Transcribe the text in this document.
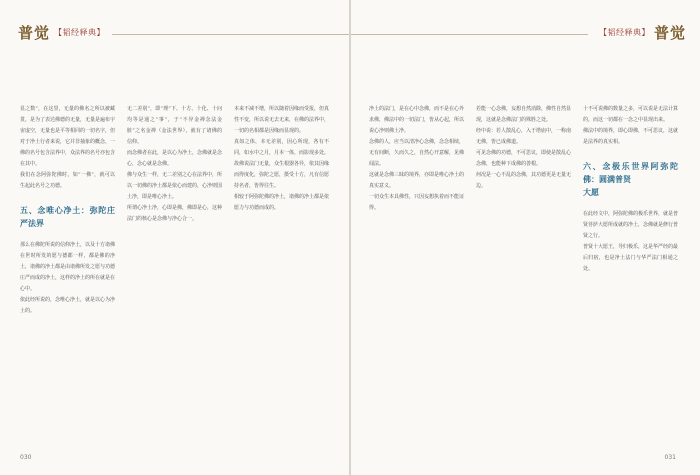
普觉 【韬经释典】

显之数”，在这里，无量的佛名之所以被藏贯，是为了表达佛德的无量，无量是遍布宇宙虚空，无量也是平等相同的一切名字，但对于净土行者来说，它并非抽象的概念，一佛的名号包含法界中，众法界的名号亦包含在其中。

我们在念阿弥陀佛时，如“一佛”，就可以生起此名号之功德。

五、念唯心净土：弥陀庄严法界

那么在佛陀所说的信仰净土，以及十方诸佛在世时所发的愿与德都一样，都是佛的净土，诸佛的净土都是由诸佛所发之愿与功德庄严而成的净土，这样的净土的所在就是在心中。

依此经所说的，念唯心净土，就是以心为净土的。

无二差别”，即“理”下、十方、十化、十问均等是通之“事”，于“不异金禅念法金脏”之名金禅（金法世界），就有了诸佛的信仰。

而念佛者在此，是以心为净土，念佛就是念心，念心就是念佛。

佛与众生一样，无二差别之心在法界中，所以一切佛的净土都是依心而建的，心净则国土净，即是唯心净土。

所谓心净土净，心即是佛，佛即是心，这种法门的核心是念佛与净心合一。

本来不减不增，所以随着因缘而受报，但真性不变，所以说无去无来，在佛的法界中，一切的名相都是因缘而显现的。

真如之体，本无差别，因心所现，各有不同，如水中之月，月本一体，而影现多处。

故佛说法门无量，众生根器各异，依其因缘而得度化，弥陀之愿，摄受十方，凡有信愿持名者，皆得往生。

相较于阿弥陀佛的净土，诸佛的净土都是依愿力与功德而成的。

030
【韬经释典】 普觉

净土的法门，是在心中念佛，而不是在心外求佛，佛法中的一切法门，皆从心起，所以说心净则佛土净。

念佛的人，应当以清净心念佛，念念相续，无有间断，久而久之，自然心开意解，见佛闻法。

这就是念佛三昧的境界，亦即是唯心净土的真实意义。

一切众生本具佛性，只因妄想执着而不能证得。

若能一心念佛，妄想自然消除，佛性自然显现，这就是念佛法门的殊胜之处。

经中说：若人散乱心，入于塔庙中，一称南无佛，皆已成佛道。

可见念佛的功德，不可思议，即使是散乱心念佛，也能种下成佛的善根。

何况是一心不乱的念佛，其功德更是无量无边。

十不可说佛的数量之多，可以说是无法计算的，而这一切都在一念之中显现出来。

佛法中的境界，即心即佛，不可思议，这就是法界的真实相。

六、念极乐世界阿弥陀佛：圆满普贤
大愿

在此经文中，阿弥陀佛的极乐世界，就是普贤菩萨大愿所成就的净土，念佛就是修行普贤之行。

普贤十大愿王，导归极乐，这是华严经的最后归宿，也是净土法门与华严法门相通之处。

031
